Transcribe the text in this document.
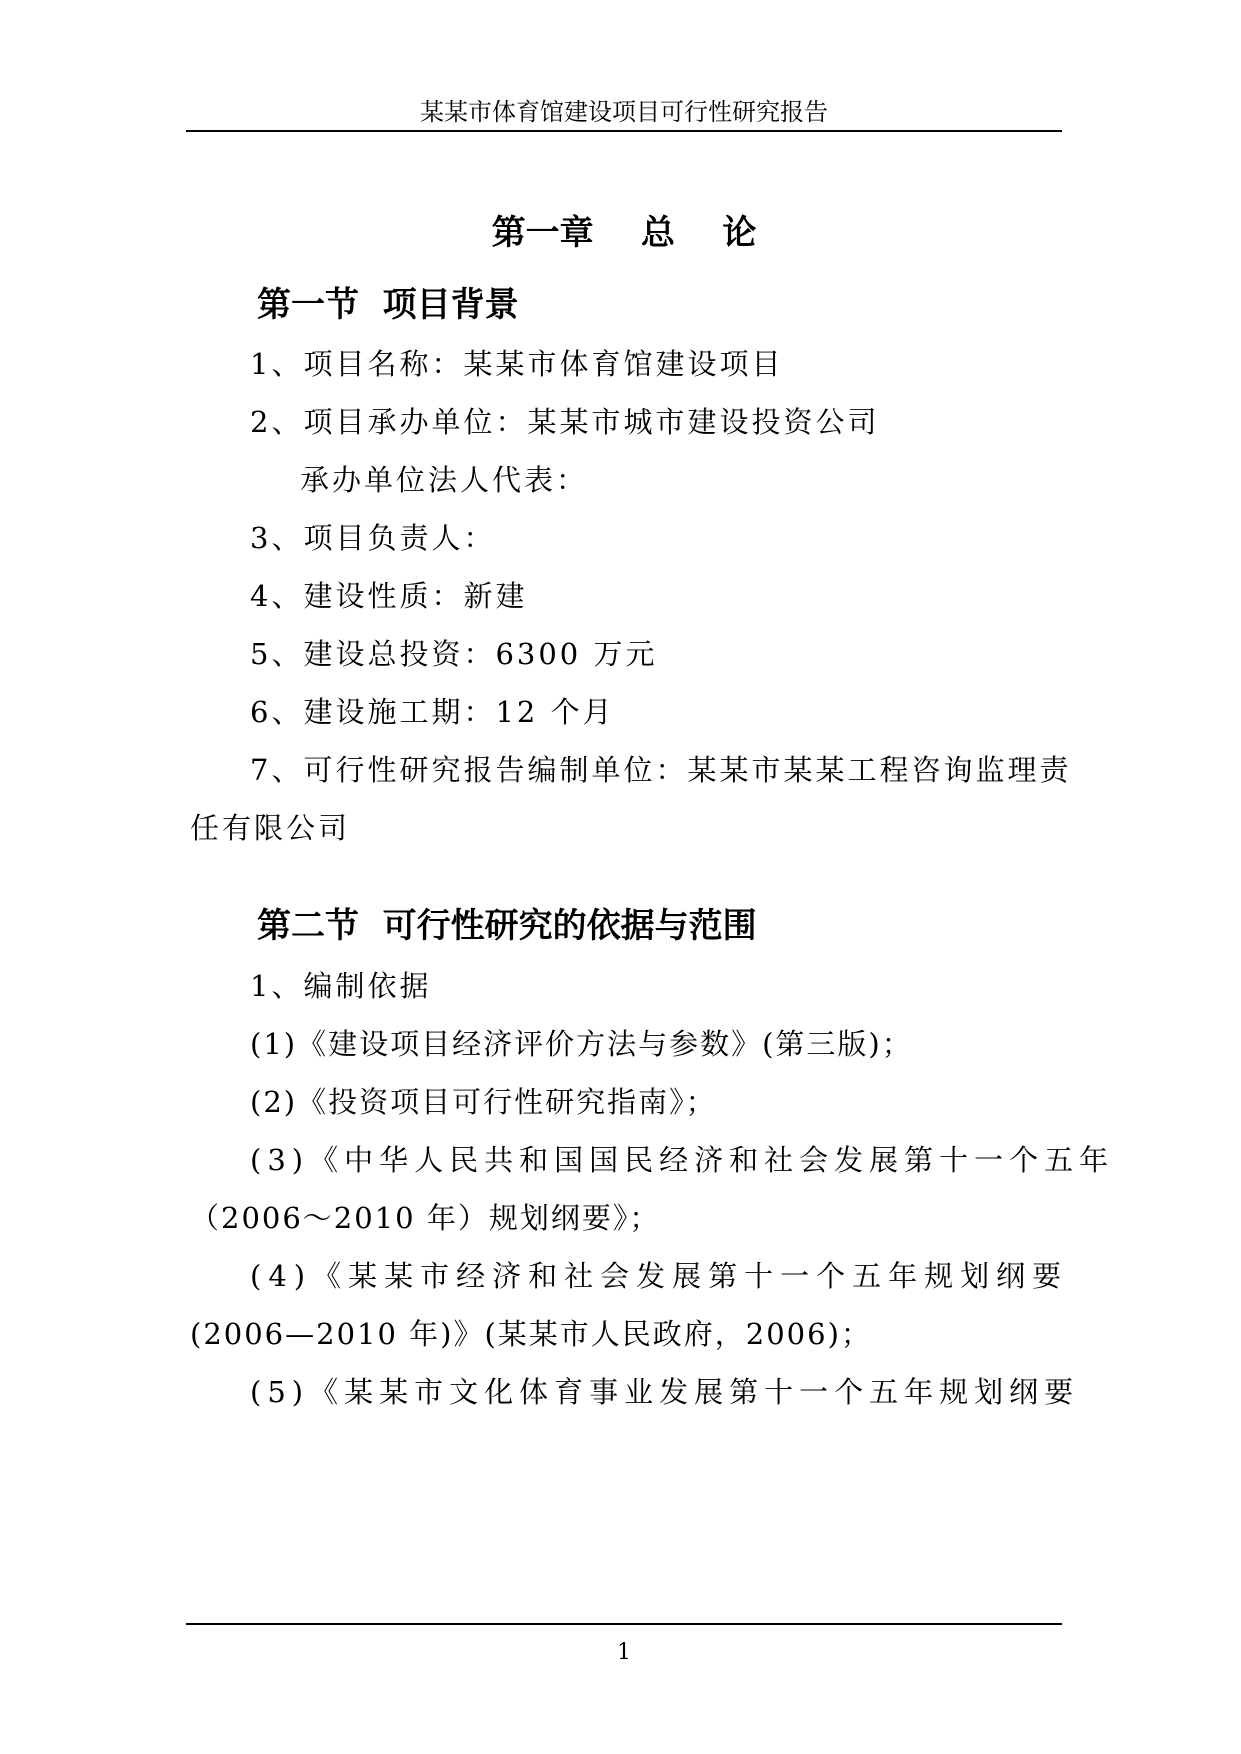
某某市体育馆建设项目可行性研究报告
第一章    总    论
第一节  项目背景
1、项目名称：某某市体育馆建设项目
2、项目承办单位：某某市城市建设投资公司
承办单位法人代表：
3、项目负责人：
4、建设性质：新建
5、建设总投资：6300 万元
6、建设施工期：12 个月
7、可行性研究报告编制单位：某某市某某工程咨询监理责
任有限公司
第二节  可行性研究的依据与范围
1、编制依据
(1)《建设项目经济评价方法与参数》(第三版)；
(2)《投资项目可行性研究指南》；
(3)《中华人民共和国国民经济和社会发展第十一个五年
（2006～2010 年）规划纲要》；
(4)《某某市经济和社会发展第十一个五年规划纲要
(2006—2010 年)》(某某市人民政府，2006)；
(5)《某某市文化体育事业发展第十一个五年规划纲要
1
